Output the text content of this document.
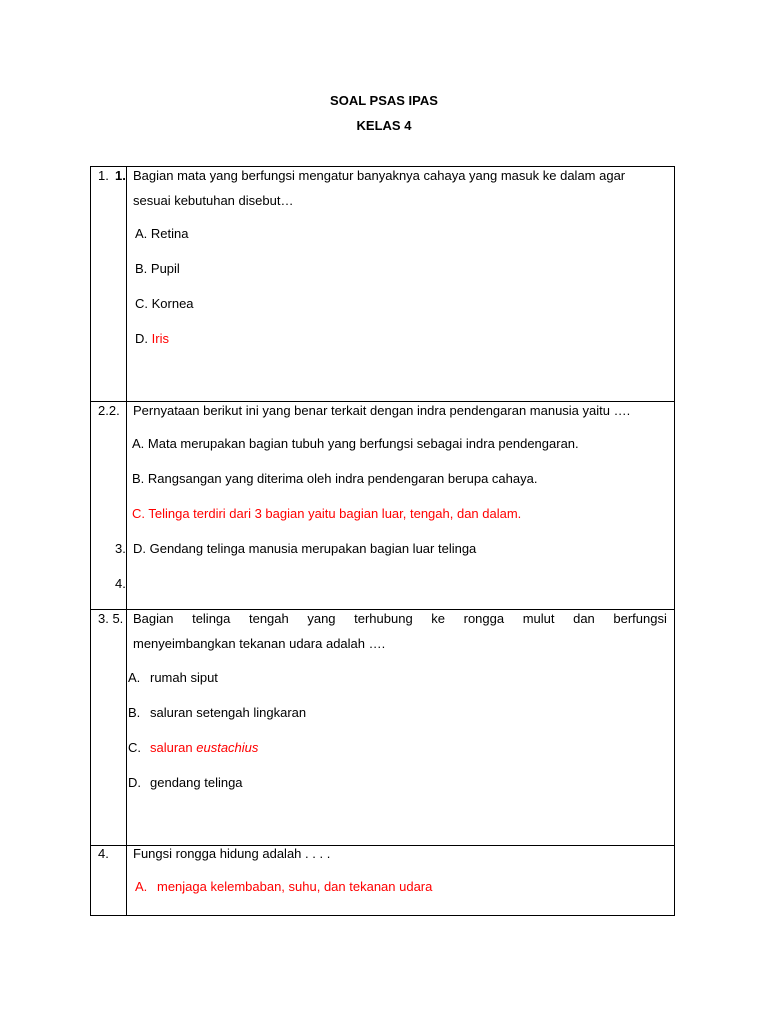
SOAL PSAS IPAS
KELAS 4
1. 1. Bagian mata yang berfungsi mengatur banyaknya cahaya yang masuk ke dalam agar
sesuai kebutuhan disebut…
A. Retina
B. Pupil
C. Kornea
D. Iris
2.2. Pernyataan berikut ini yang benar terkait dengan indra pendengaran manusia yaitu ….
A. Mata merupakan bagian tubuh yang berfungsi sebagai indra pendengaran.
B. Rangsangan yang diterima oleh indra pendengaran berupa cahaya.
C. Telinga terdiri dari 3 bagian yaitu bagian luar, tengah, dan dalam.
3. D. Gendang telinga manusia merupakan bagian luar telinga
4.
3. 5. Bagian telinga tengah yang terhubung ke rongga mulut dan berfungsi
menyeimbangkan tekanan udara adalah ….
A. rumah siput
B. saluran setengah lingkaran
C. saluran eustachius
D. gendang telinga
4. Fungsi rongga hidung adalah . . . .
A. menjaga kelembaban, suhu, dan tekanan udara
